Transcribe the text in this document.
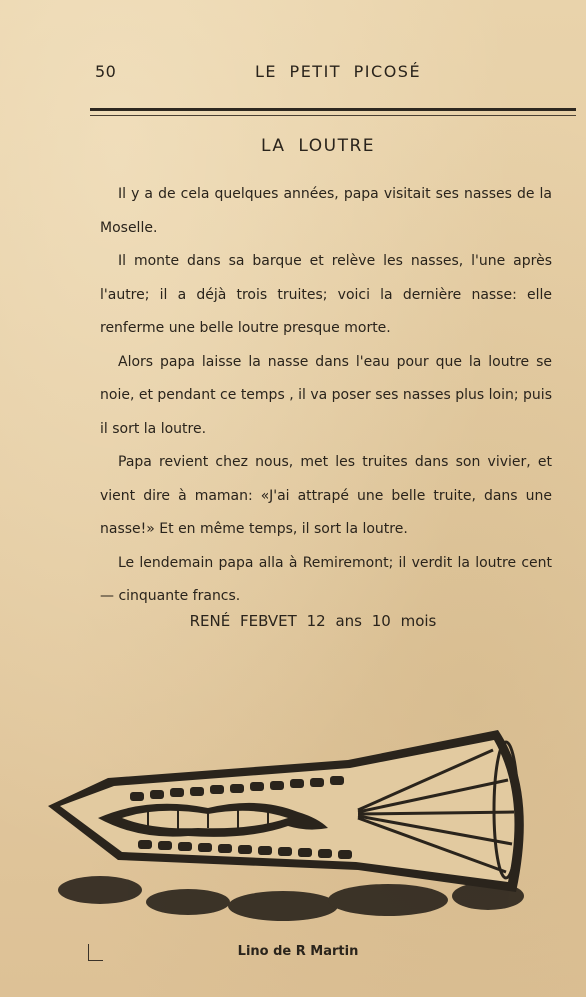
50	LE PETIT PICOSÉ
LA LOUTRE

Il y a de cela quelques années, papa visitait ses nasses de la Moselle.

Il monte dans sa barque et relève les nasses, l'une après l'autre; il a déjà trois truites; voici la dernière nasse: elle renferme une belle loutre presque morte.

Alors papa laisse la nasse dans l'eau pour que la loutre se noie, et pendant ce temps , il va poser ses nasses plus loin; puis il sort la loutre.

Papa revient chez nous, met les truites dans son vivier, et vient dire à maman: «J'ai attrapé une belle truite, dans une nasse!» Et en même temps, il sort la loutre.

Le lendemain papa alla à Remiremont; il verdit la loutre cent — cinquante francs.

RENÉ FEBVET 12 ans 10 mois
Lino de R Martin
